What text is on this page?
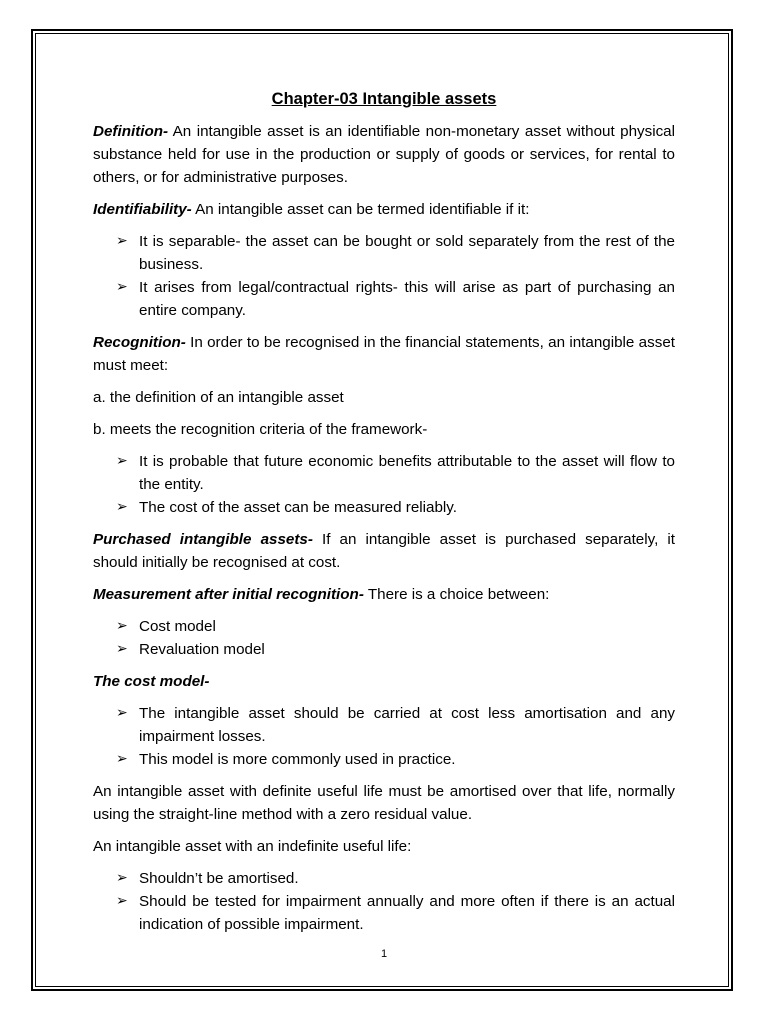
Chapter-03 Intangible assets

Definition- An intangible asset is an identifiable non-monetary asset without physical substance held for use in the production or supply of goods or services, for rental to others, or for administrative purposes.

Identifiability- An intangible asset can be termed identifiable if it:

➢ It is separable- the asset can be bought or sold separately from the rest of the business.
➢ It arises from legal/contractual rights- this will arise as part of purchasing an entire company.

Recognition- In order to be recognised in the financial statements, an intangible asset must meet:

a. the definition of an intangible asset

b. meets the recognition criteria of the framework-

➢ It is probable that future economic benefits attributable to the asset will flow to the entity.
➢ The cost of the asset can be measured reliably.

Purchased intangible assets- If an intangible asset is purchased separately, it should initially be recognised at cost.

Measurement after initial recognition- There is a choice between:

➢ Cost model
➢ Revaluation model

The cost model-

➢ The intangible asset should be carried at cost less amortisation and any impairment losses.
➢ This model is more commonly used in practice.

An intangible asset with definite useful life must be amortised over that life, normally using the straight-line method with a zero residual value.

An intangible asset with an indefinite useful life:

➢ Shouldn’t be amortised.
➢ Should be tested for impairment annually and more often if there is an actual indication of possible impairment.
1
